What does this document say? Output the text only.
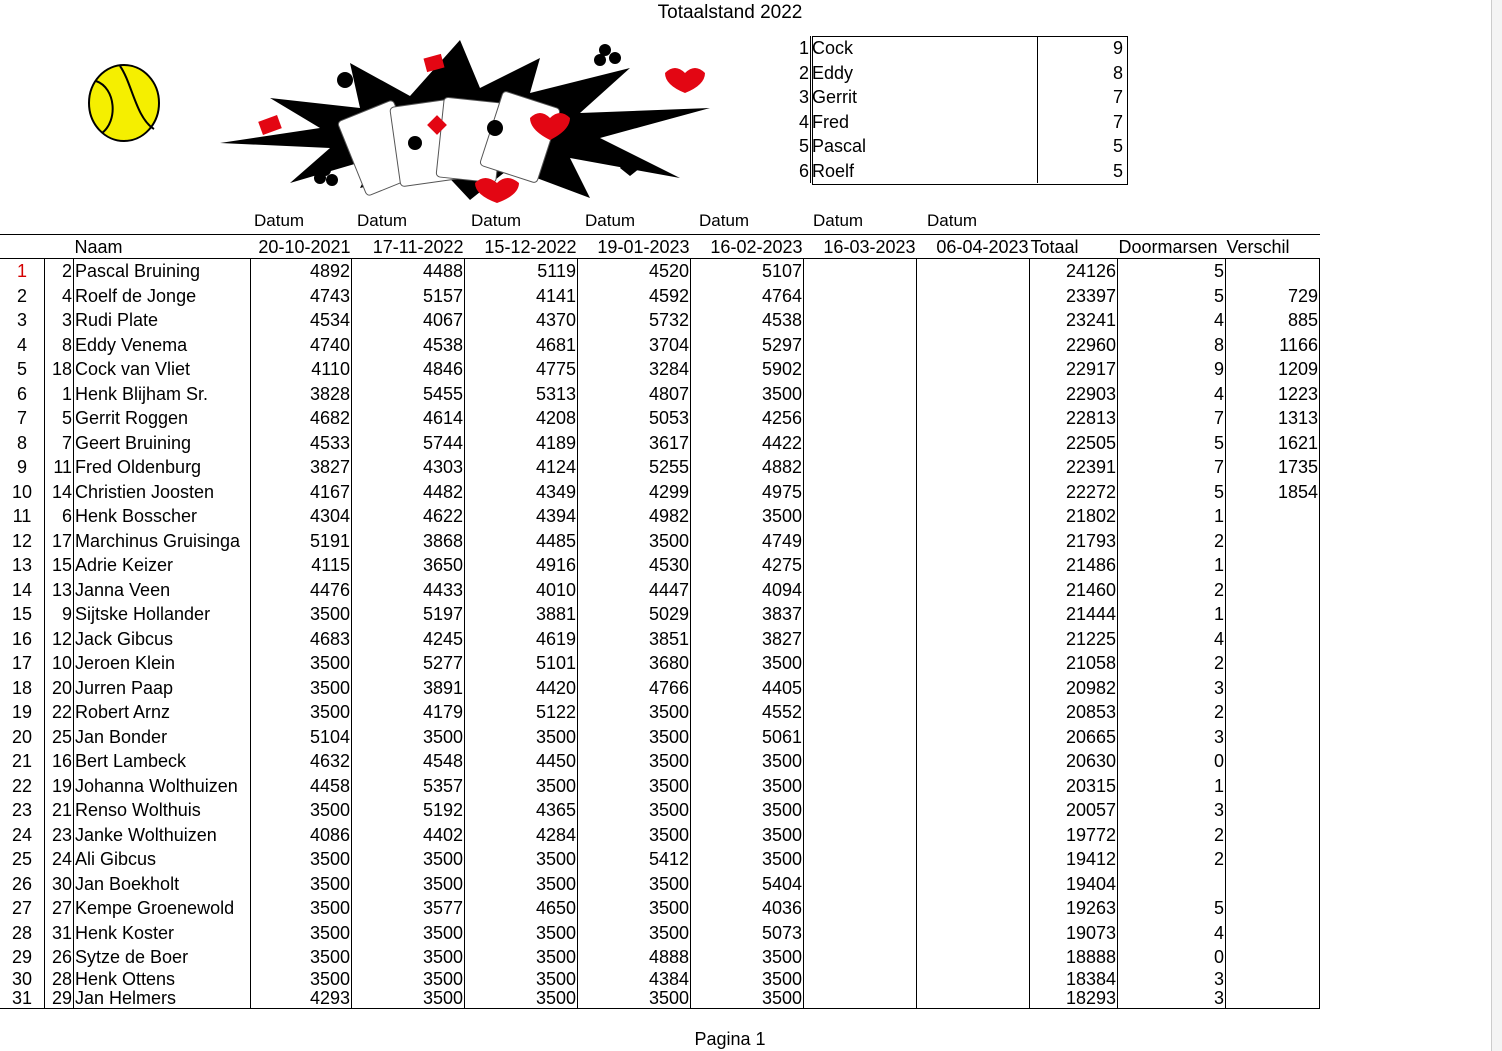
Totaalstand 2022
1	Cock	9
2	Eddy	8
3	Gerrit	7
4	Fred	7
5	Pascal	5
6	Roelf	5
Datum	Datum	Datum	Datum	Datum	Datum	Datum
		Naam	20-10-2021	17-11-2022	15-12-2022	19-01-2023	16-02-2023	16-03-2023	06-04-2023	Totaal	Doormarsen	Verschil
1	2	Pascal Bruining	4892	4488	5119	4520	5107			24126	5	
2	4	Roelf de Jonge	4743	5157	4141	4592	4764			23397	5	729
3	3	Rudi Plate	4534	4067	4370	5732	4538			23241	4	885
4	8	Eddy Venema	4740	4538	4681	3704	5297			22960	8	1166
5	18	Cock van Vliet	4110	4846	4775	3284	5902			22917	9	1209
6	1	Henk Blijham Sr.	3828	5455	5313	4807	3500			22903	4	1223
7	5	Gerrit Roggen	4682	4614	4208	5053	4256			22813	7	1313
8	7	Geert Bruining	4533	5744	4189	3617	4422			22505	5	1621
9	11	Fred Oldenburg	3827	4303	4124	5255	4882			22391	7	1735
10	14	Christien Joosten	4167	4482	4349	4299	4975			22272	5	1854
11	6	Henk Bosscher	4304	4622	4394	4982	3500			21802	1	
12	17	Marchinus Gruisinga	5191	3868	4485	3500	4749			21793	2	
13	15	Adrie Keizer	4115	3650	4916	4530	4275			21486	1	
14	13	Janna Veen	4476	4433	4010	4447	4094			21460	2	
15	9	Sijtske Hollander	3500	5197	3881	5029	3837			21444	1	
16	12	Jack Gibcus	4683	4245	4619	3851	3827			21225	4	
17	10	Jeroen Klein	3500	5277	5101	3680	3500			21058	2	
18	20	Jurren Paap	3500	3891	4420	4766	4405			20982	3	
19	22	Robert Arnz	3500	4179	5122	3500	4552			20853	2	
20	25	Jan Bonder	5104	3500	3500	3500	5061			20665	3	
21	16	Bert Lambeck	4632	4548	4450	3500	3500			20630	0	
22	19	Johanna Wolthuizen	4458	5357	3500	3500	3500			20315	1	
23	21	Renso Wolthuis	3500	5192	4365	3500	3500			20057	3	
24	23	Janke Wolthuizen	4086	4402	4284	3500	3500			19772	2	
25	24	Ali Gibcus	3500	3500	3500	5412	3500			19412	2	
26	30	Jan Boekholt	3500	3500	3500	3500	5404			19404		
27	27	Kempe Groenewold	3500	3577	4650	3500	4036			19263	5	
28	31	Henk Koster	3500	3500	3500	3500	5073			19073	4	
29	26	Sytze de Boer	3500	3500	3500	4888	3500			18888	0	
30	28	Henk Ottens	3500	3500	3500	4384	3500			18384	3	
31	29	Jan Helmers	4293	3500	3500	3500	3500			18293	3	
Pagina 1
